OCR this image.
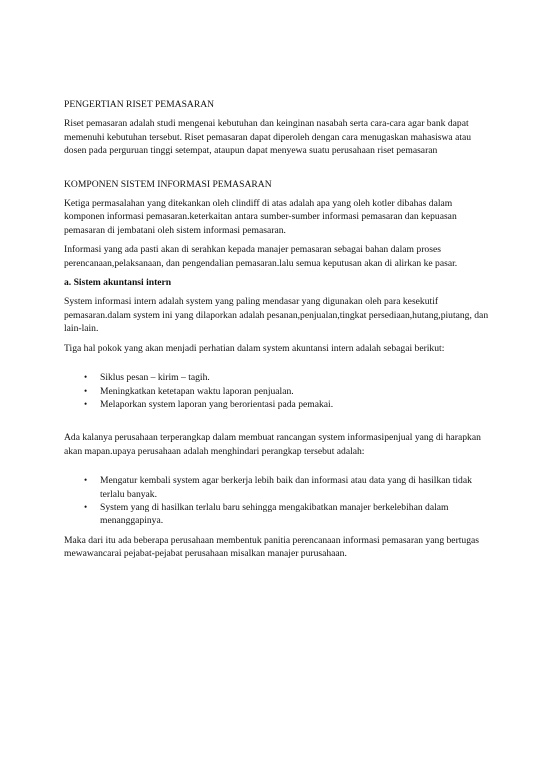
PENGERTIAN RISET PEMASARAN

Riset pemasaran adalah studi mengenai kebutuhan dan keinginan nasabah serta cara-cara agar bank dapat memenuhi kebutuhan tersebut. Riset pemasaran dapat diperoleh dengan cara menugaskan mahasiswa atau dosen pada perguruan tinggi setempat, ataupun dapat menyewa suatu perusahaan riset pemasaran

KOMPONEN SISTEM INFORMASI PEMASARAN

Ketiga permasalahan yang ditekankan oleh clindiff di atas adalah apa yang oleh kotler dibahas dalam komponen informasi pemasaran.keterkaitan antara sumber-sumber informasi pemasaran dan kepuasan pemasaran di jembatani oleh sistem informasi pemasaran.

Informasi yang ada pasti akan di serahkan kepada manajer pemasaran sebagai bahan dalam proses perencanaan,pelaksanaan, dan pengendalian pemasaran.lalu semua keputusan akan di alirkan ke pasar.

a. Sistem akuntansi intern

System informasi intern adalah system yang paling mendasar yang digunakan oleh para kesekutif pemasaran.dalam system ini yang dilaporkan adalah pesanan,penjualan,tingkat persediaan,hutang,piutang, dan lain-lain.

Tiga hal pokok yang akan menjadi perhatian dalam system akuntansi intern adalah sebagai berikut:

• Siklus pesan – kirim – tagih.
• Meningkatkan ketetapan waktu laporan penjualan.
• Melaporkan system laporan yang berorientasi pada pemakai.

Ada kalanya perusahaan terperangkap dalam membuat rancangan system informasipenjual yang di harapkan akan mapan.upaya perusahaan adalah menghindari perangkap tersebut adalah:

• Mengatur kembali system agar berkerja lebih baik dan informasi atau data yang di hasilkan tidak terlalu banyak.
• System yang di hasilkan terlalu baru sehingga mengakibatkan manajer berkelebihan dalam menanggapinya.

Maka dari itu ada beberapa perusahaan membentuk panitia perencanaan informasi pemasaran yang bertugas mewawancarai pejabat-pejabat perusahaan misalkan manajer purusahaan.
